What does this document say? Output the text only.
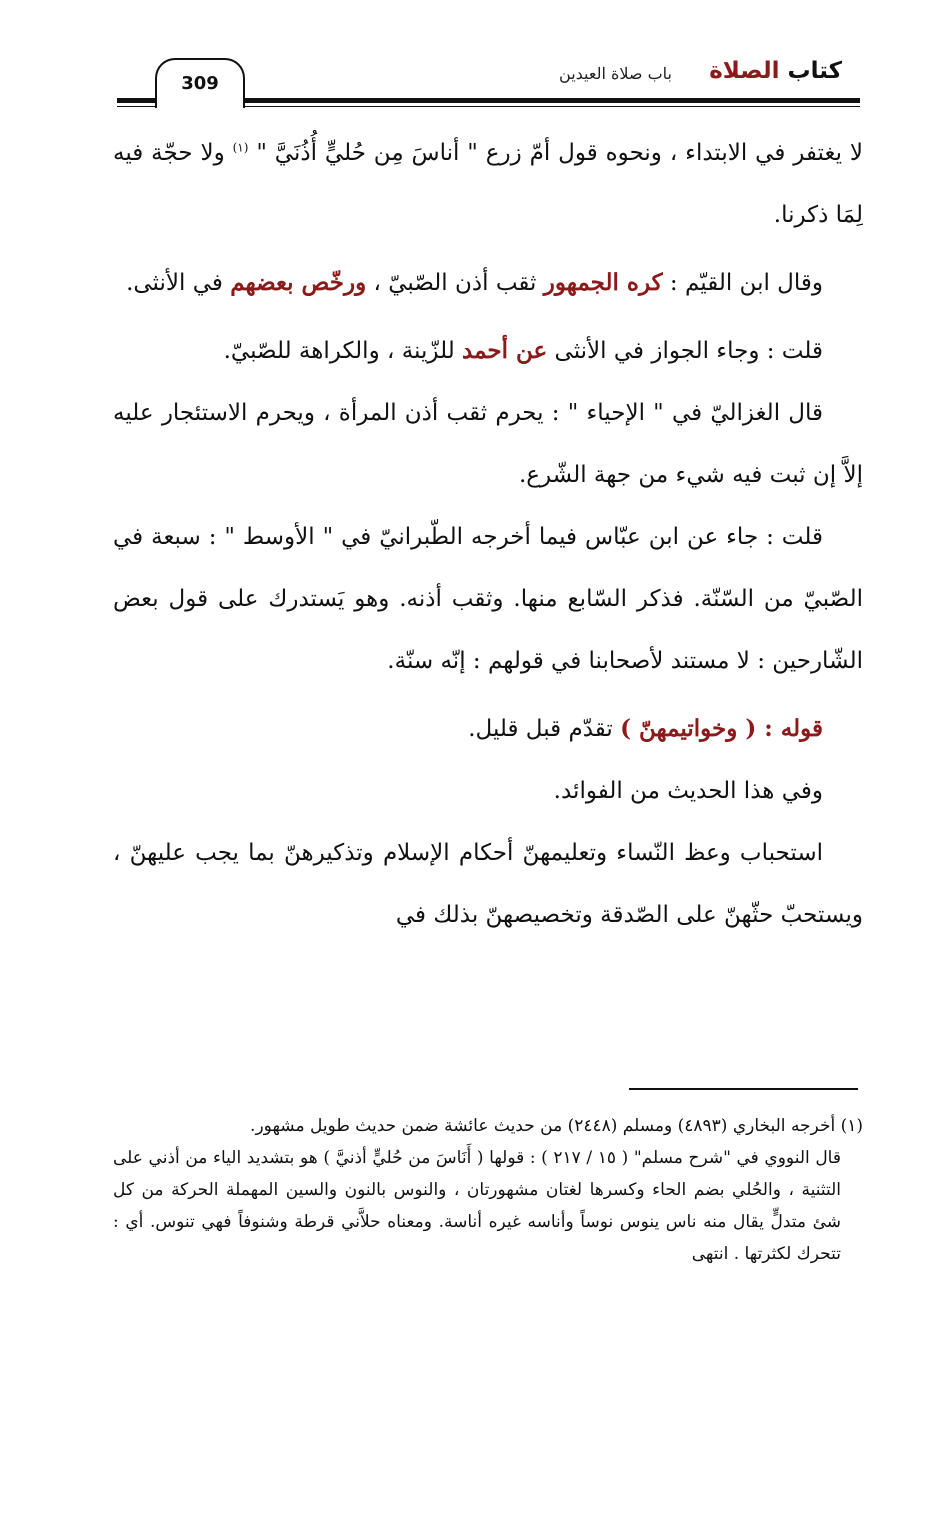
309	كتاب الصلاة
باب صلاة العيدين

لا يغتفر في الابتداء ، ونحوه قول أمّ زرع " أناسَ مِن حُليٍّ أُذُنَيَّ " $^{(١)}$ ولا حجّة فيه لِمَا ذكرنا.

وقال ابن القيّم : كره الجمهور ثقب أذن الصّبيّ ، ورخّص بعضهم في الأنثى.

قلت : وجاء الجواز في الأنثى عن أحمد للزّينة ، والكراهة للصّبيّ.

قال الغزاليّ في " الإحياء " : يحرم ثقب أذن المرأة ، ويحرم الاستئجار عليه إلاَّ إن ثبت فيه شيء من جهة الشّرع.

قلت : جاء عن ابن عبّاس فيما أخرجه الطّبرانيّ في " الأوسط " : سبعة في الصّبيّ من السّنّة. فذكر السّابع منها. وثقب أذنه. وهو يَستدرك على قول بعض الشّارحين : لا مستند لأصحابنا في قولهم : إنّه سنّة.

قوله : ( وخواتيمهنّ ) تقدّم قبل قليل.

وفي هذا الحديث من الفوائد.

استحباب وعظ النّساء وتعليمهنّ أحكام الإسلام وتذكيرهنّ بما يجب عليهنّ ، ويستحبّ حثّهنّ على الصّدقة وتخصيصهنّ بذلك في

(١) أخرجه البخاري (٤٨٩٣) ومسلم (٢٤٤٨) من حديث عائشة ضمن حديث طويل مشهور.

قال النووي في "شرح مسلم" ( ١٥ / ٢١٧ ) : قولها ( أَنَاسَ من حُليٍّ أذنيَّ ) هو بتشديد الياء من أذني على التثنية ، والحُلي بضم الحاء وكسرها لغتان مشهورتان ، والنوس بالنون والسين المهملة الحركة من كل شئ متدلٍّ يقال منه ناس ينوس نوساً وأناسه غيره أناسة. ومعناه حلاَّني قرطة وشنوفاً فهي تنوس. أي : تتحرك لكثرتها . انتهى
